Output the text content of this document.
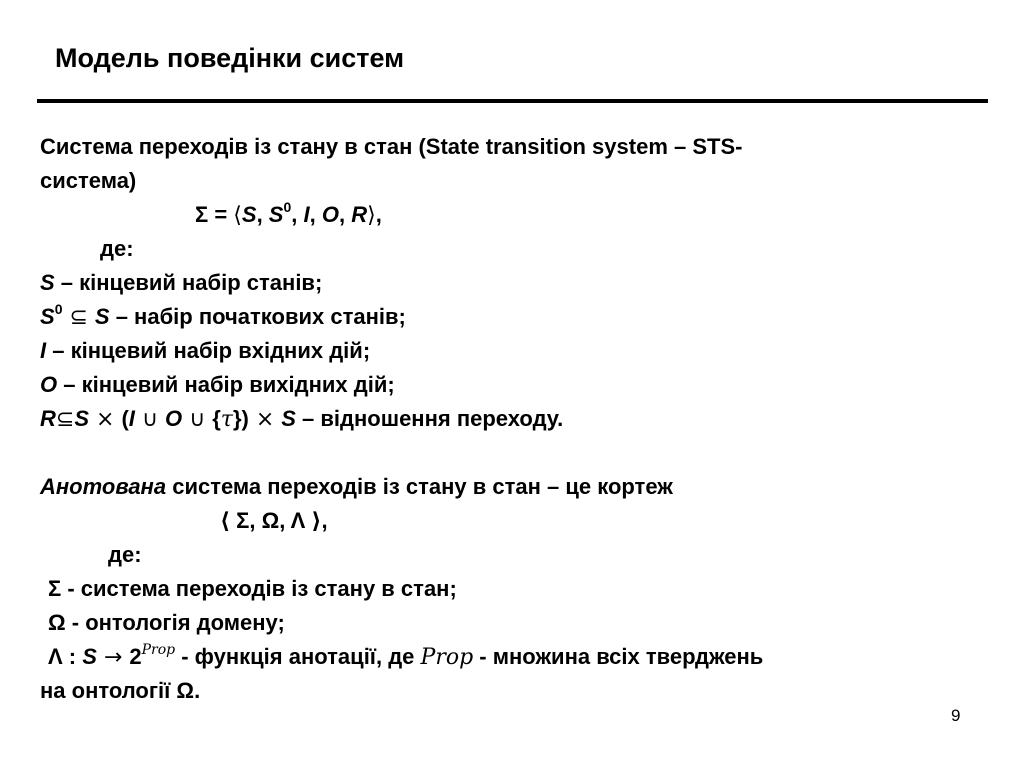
Модель поведінки систем
Система переходів із стану в стан (State transition system – STS-
система)
Σ = ⟨S, $S^0$, I, O, R⟩,
де:
S – кінцевий набір станів;
$S^0$ ⊆ S – набір початкових станів;
I – кінцевий набір вхідних дій;
O – кінцевий набір вихідних дій;
R⊆S × (I ∪ O ∪ {τ}) × S – відношення переходу.
Анотована система переходів із стану в стан – це кортеж
⟨ Σ, Ω, Λ ⟩,
де:
Σ - система переходів із стану в стан;
Ω - онтологія домену;
Λ : $S \to 2^{Prop}$ - функція анотації, де Prop - множина всіх тверджень
на онтології Ω.
9
